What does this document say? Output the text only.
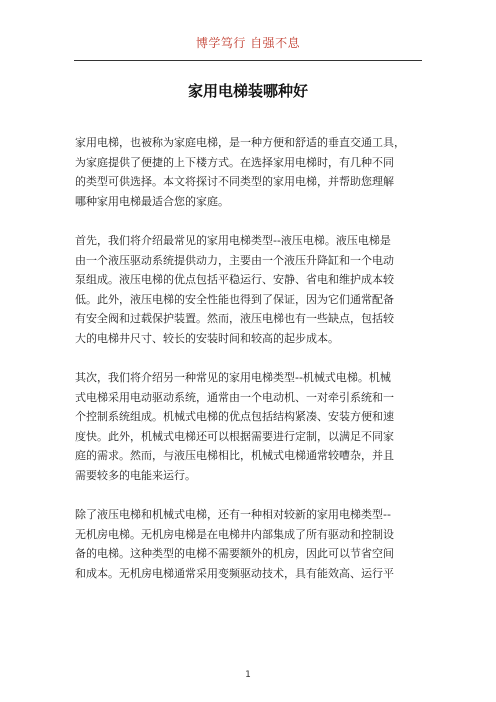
博学笃行 自强不息
家用电梯装哪种好

家用电梯，也被称为家庭电梯，是一种方便和舒适的垂直交通工具，
为家庭提供了便捷的上下楼方式。在选择家用电梯时，有几种不同
的类型可供选择。本文将探讨不同类型的家用电梯，并帮助您理解
哪种家用电梯最适合您的家庭。

首先，我们将介绍最常见的家用电梯类型--液压电梯。液压电梯是
由一个液压驱动系统提供动力，主要由一个液压升降缸和一个电动
泵组成。液压电梯的优点包括平稳运行、安静、省电和维护成本较
低。此外，液压电梯的安全性能也得到了保证，因为它们通常配备
有安全阀和过载保护装置。然而，液压电梯也有一些缺点，包括较
大的电梯井尺寸、较长的安装时间和较高的起步成本。

其次，我们将介绍另一种常见的家用电梯类型--机械式电梯。机械
式电梯采用电动驱动系统，通常由一个电动机、一对牵引系统和一
个控制系统组成。机械式电梯的优点包括结构紧凑、安装方便和速
度快。此外，机械式电梯还可以根据需要进行定制，以满足不同家
庭的需求。然而，与液压电梯相比，机械式电梯通常较嘈杂，并且
需要较多的电能来运行。

除了液压电梯和机械式电梯，还有一种相对较新的家用电梯类型--
无机房电梯。无机房电梯是在电梯井内部集成了所有驱动和控制设
备的电梯。这种类型的电梯不需要额外的机房，因此可以节省空间
和成本。无机房电梯通常采用变频驱动技术，具有能效高、运行平

1
